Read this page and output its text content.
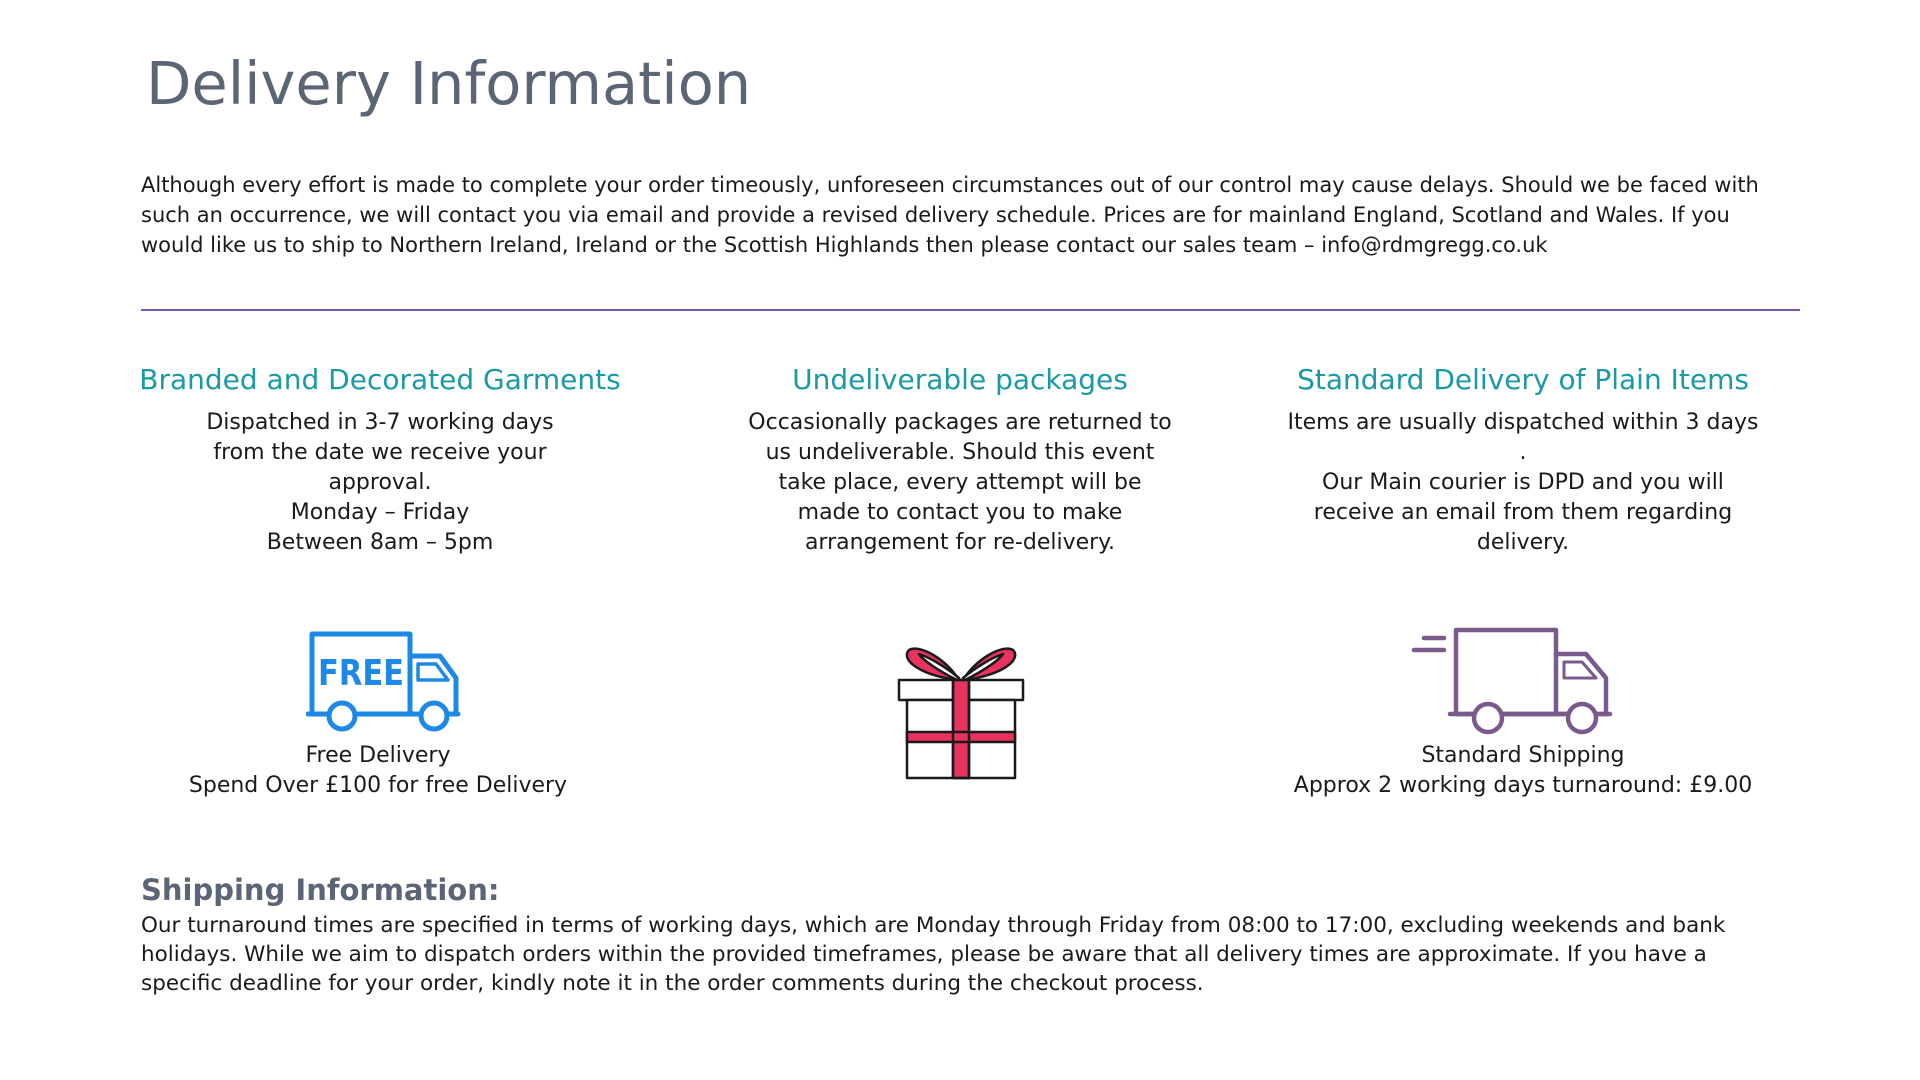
Delivery Information

Although every effort is made to complete your order timeously, unforeseen circumstances out of our control may cause delays. Should we be faced with such an occurrence, we will contact you via email and provide a revised delivery schedule. Prices are for mainland England, Scotland and Wales. If you would like us to ship to Northern Ireland, Ireland or the Scottish Highlands then please contact our sales team – info@rdmgregg.co.uk

Branded and Decorated Garments
Dispatched in 3-7 working days
from the date we receive your
approval.
Monday – Friday
Between 8am – 5pm
Undeliverable packages
Occasionally packages are returned to
us undeliverable. Should this event
take place, every attempt will be
made to contact you to make
arrangement for re-delivery.
Standard Delivery of Plain Items
Items are usually dispatched within 3 days .
Our Main courier is DPD and you will
receive an email from them regarding
delivery.
FREE
Free Delivery
Spend Over £100 for free Delivery
Standard Shipping
Approx 2 working days turnaround: £9.00
Shipping Information:

Our turnaround times are specified in terms of working days, which are Monday through Friday from 08:00 to 17:00, excluding weekends and bank holidays. While we aim to dispatch orders within the provided timeframes, please be aware that all delivery times are approximate. If you have a specific deadline for your order, kindly note it in the order comments during the checkout process.
